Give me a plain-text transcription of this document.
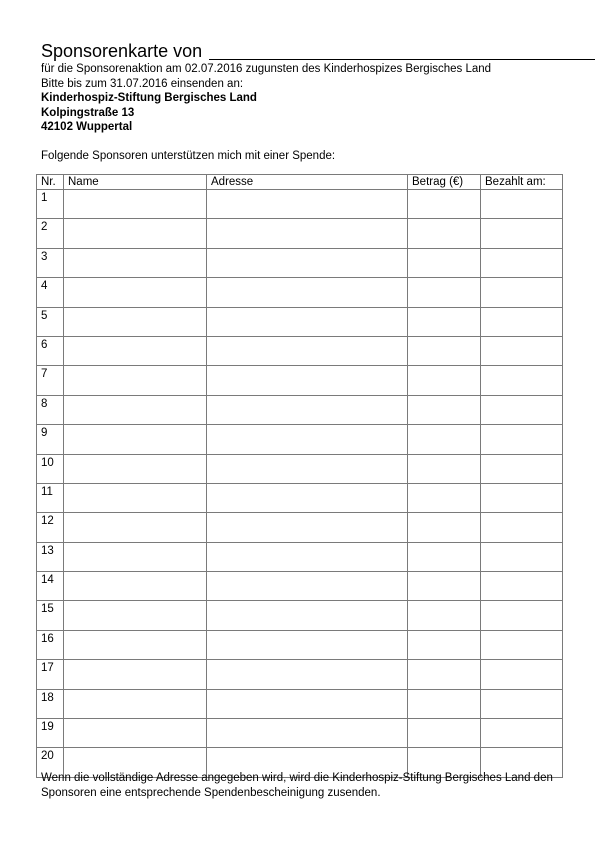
Sponsorenkarte von
für die Sponsorenaktion am 02.07.2016 zugunsten des Kinderhospizes Bergisches Land
Bitte bis zum 31.07.2016 einsenden an:
Kinderhospiz-Stiftung Bergisches Land
Kolpingstraße 13
42102 Wuppertal
Folgende Sponsoren unterstützen mich mit einer Spende:
Nr.	Name	Adresse	Betrag (€)	Bezahlt am:
1				
2				
3				
4				
5				
6				
7				
8				
9				
10				
11				
12				
13				
14				
15				
16				
17				
18				
19				
20				
Wenn die vollständige Adresse angegeben wird, wird die Kinderhospiz-Stiftung Bergisches Land den Sponsoren eine entsprechende Spendenbescheinigung zusenden.
